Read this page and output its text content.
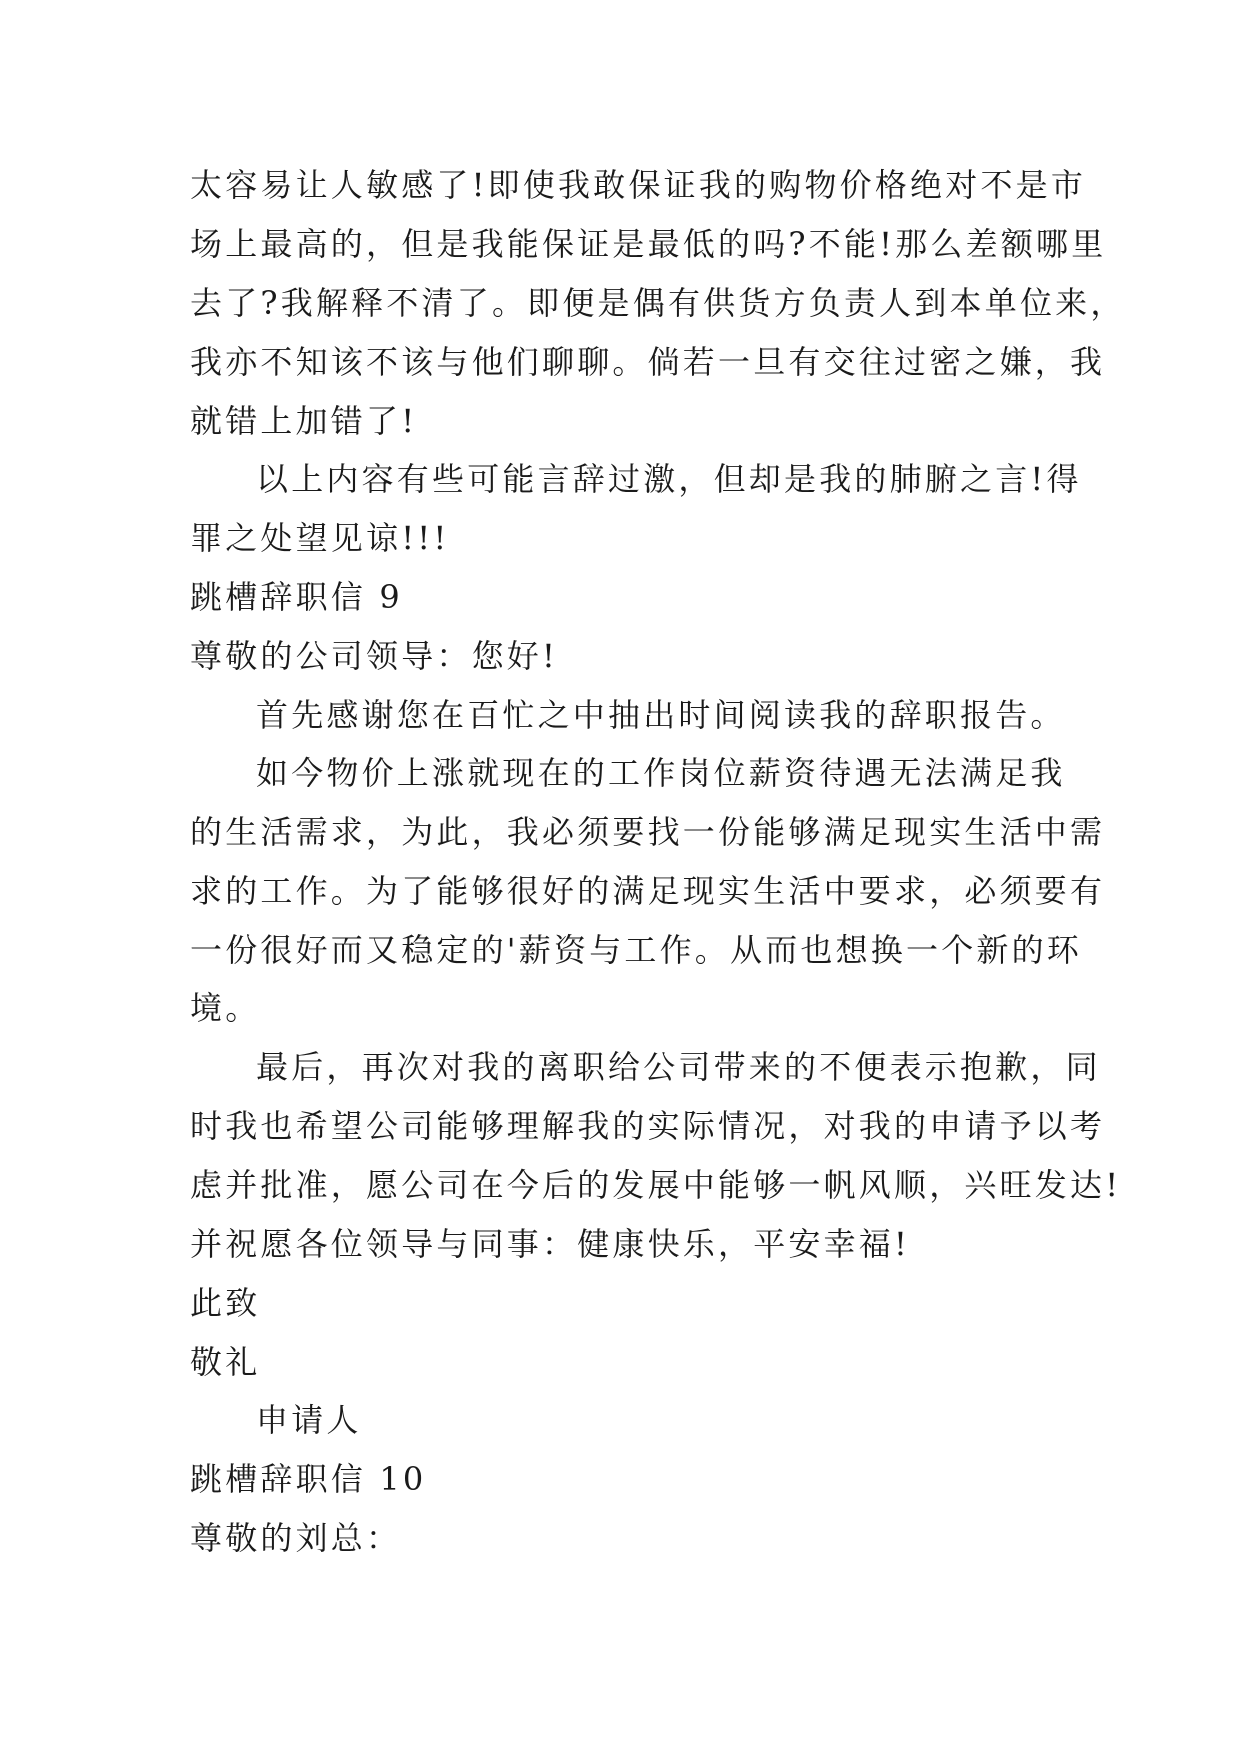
太容易让人敏感了!即使我敢保证我的购物价格绝对不是市
场上最高的，但是我能保证是最低的吗?不能!那么差额哪里
去了?我解释不清了。即便是偶有供货方负责人到本单位来，
我亦不知该不该与他们聊聊。倘若一旦有交往过密之嫌，我
就错上加错了!
以上内容有些可能言辞过激，但却是我的肺腑之言!得
罪之处望见谅!!!
跳槽辞职信 9
尊敬的公司领导：您好!
首先感谢您在百忙之中抽出时间阅读我的辞职报告。
如今物价上涨就现在的工作岗位薪资待遇无法满足我
的生活需求，为此，我必须要找一份能够满足现实生活中需
求的工作。为了能够很好的满足现实生活中要求，必须要有
一份很好而又稳定的'薪资与工作。从而也想换一个新的环
境。
最后，再次对我的离职给公司带来的不便表示抱歉，同
时我也希望公司能够理解我的实际情况，对我的申请予以考
虑并批准，愿公司在今后的发展中能够一帆风顺，兴旺发达!
并祝愿各位领导与同事：健康快乐，平安幸福!
此致
敬礼
申请人
跳槽辞职信 10
尊敬的刘总：
